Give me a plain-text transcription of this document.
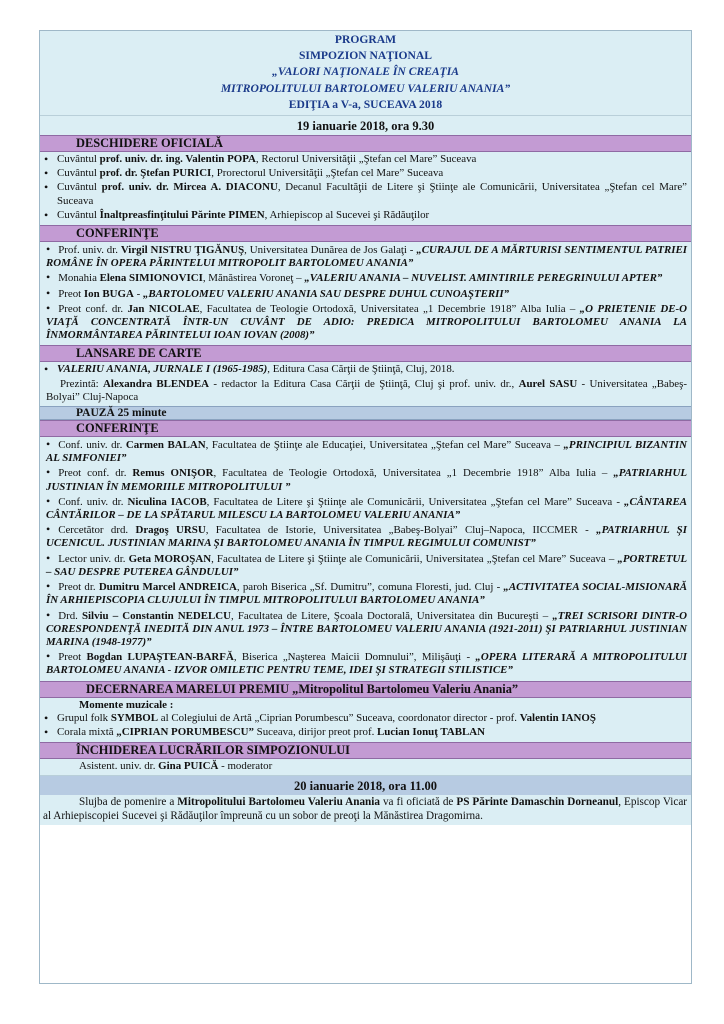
PROGRAM
SIMPOZION NAŢIONAL
„VALORI NAŢIONALE ÎN CREAŢIA
MITROPOLITULUI BARTOLOMEU VALERIU ANANIA”
EDIŢIA a V-a, SUCEAVA 2018
19 ianuarie 2018, ora 9.30
DESCHIDERE OFICIALĂ
• Cuvântul prof. univ. dr. ing. Valentin POPA, Rectorul Universităţii „Ştefan cel Mare” Suceava
• Cuvântul prof. dr. Ştefan PURICI, Prorectorul Universităţii „Ştefan cel Mare” Suceava
• Cuvântul prof. univ. dr. Mircea A. DIACONU, Decanul Facultăţii de Litere şi Ştiinţe ale Comunicării, Universitatea „Ştefan cel Mare” Suceava
• Cuvântul Înaltpreasfinţitului Părinte PIMEN, Arhiepiscop al Sucevei şi Rădăuţilor
CONFERINŢE
• Prof. univ. dr. Virgil NISTRU ŢIGĂNUŞ, Universitatea Dunărea de Jos Galaţi - „CURAJUL DE A MĂRTURISI SENTIMENTUL PATRIEI ROMÂNE ÎN OPERA PĂRINTELUI MITROPOLIT BARTOLOMEU ANANIA”
• Monahia Elena SIMIONOVICI, Mănăstirea Voroneţ – „VALERIU ANANIA – NUVELIST. AMINTIRILE PEREGRINULUI APTER”
• Preot Ion BUGA - „BARTOLOMEU VALERIU ANANIA SAU DESPRE DUHUL CUNOAŞTERII”
• Preot conf. dr. Jan NICOLAE, Facultatea de Teologie Ortodoxă, Universitatea „1 Decembrie 1918” Alba Iulia – „O PRIETENIE DE-O VIAŢĂ CONCENTRATĂ ÎNTR-UN CUVÂNT DE ADIO: PREDICA MITROPOLITULUI BARTOLOMEU ANANIA LA ÎNMORMÂNTAREA PĂRINTELUI IOAN IOVAN (2008)”
LANSARE DE CARTE
• VALERIU ANANIA, JURNALE I (1965-1985), Editura Casa Cărţii de Ştiinţă, Cluj, 2018.
Prezintă: Alexandra BLENDEA - redactor la Editura Casa Cărţii de Ştiinţă, Cluj şi prof. univ. dr., Aurel SASU - Universitatea „Babeş-Bolyai” Cluj-Napoca
PAUZĂ 25 minute
CONFERINŢE
• Conf. univ. dr. Carmen BALAN, Facultatea de Ştiinţe ale Educaţiei, Universitatea „Ştefan cel Mare” Suceava – „PRINCIPIUL BIZANTIN AL SIMFONIEI”
• Preot conf. dr. Remus ONIŞOR, Facultatea de Teologie Ortodoxă, Universitatea „1 Decembrie 1918” Alba Iulia – „PATRIARHUL JUSTINIAN ÎN MEMORIILE MITROPOLITULUI ”
• Conf. univ. dr. Niculina IACOB, Facultatea de Litere şi Ştiinţe ale Comunicării, Universitatea „Ştefan cel Mare” Suceava - „CÂNTAREA CÂNTĂRILOR – DE LA SPĂTARUL MILESCU LA BARTOLOMEU VALERIU ANANIA”
• Cercetător drd. Dragoş URSU, Facultatea de Istorie, Universitatea „Babeş-Bolyai” Cluj–Napoca, IICCMER - „PATRIARHUL ŞI UCENICUL. JUSTINIAN MARINA ŞI BARTOLOMEU ANANIA ÎN TIMPUL REGIMULUI COMUNIST”
• Lector univ. dr. Geta MOROŞAN, Facultatea de Litere şi Ştiinţe ale Comunicării, Universitatea „Ştefan cel Mare” Suceava – „PORTRETUL – SAU DESPRE PUTEREA GÂNDULUI”
• Preot dr. Dumitru Marcel ANDREICA, paroh Biserica „Sf. Dumitru”, comuna Floresti, jud. Cluj - „ACTIVITATEA SOCIAL-MISIONARĂ ÎN ARHIEPISCOPIA CLUJULUI ÎN TIMPUL MITROPOLITULUI BARTOLOMEU ANANIA”
• Drd. Silviu – Constantin NEDELCU, Facultatea de Litere, Şcoala Doctorală, Universitatea din Bucureşti – „TREI SCRISORI DINTR-O CORESPONDENŢĂ INEDITĂ DIN ANUL 1973 – ÎNTRE BARTOLOMEU VALERIU ANANIA (1921-2011) ŞI PATRIARHUL JUSTINIAN MARINA (1948-1977)”
• Preot Bogdan LUPAŞTEAN-BARFĂ, Biserica „Naşterea Maicii Domnului”, Milişăuţi - „OPERA LITERARĂ A MITROPOLITULUI BARTOLOMEU ANANIA - IZVOR OMILETIC PENTRU TEME, IDEI ŞI STRATEGII STILISTICE”
DECERNAREA MARELUI PREMIU „Mitropolitul Bartolomeu Valeriu Anania”
Momente muzicale :
• Grupul folk SYMBOL al Colegiului de Artă „Ciprian Porumbescu” Suceava, coordonator director - prof. Valentin IANOŞ
• Corala mixtă „CIPRIAN PORUMBESCU” Suceava, dirijor preot prof. Lucian Ionuţ TABLAN
ÎNCHIDEREA LUCRĂRILOR SIMPOZIONULUI
Asistent. univ. dr. Gina PUICĂ - moderator
20 ianuarie 2018, ora 11.00
Slujba de pomenire a Mitropolitului Bartolomeu Valeriu Anania va fi oficiată de PS Părinte Damaschin Dorneanul, Episcop Vicar al Arhiepiscopiei Sucevei şi Rădăuţilor împreună cu un sobor de preoţi la Mănăstirea Dragomirna.
